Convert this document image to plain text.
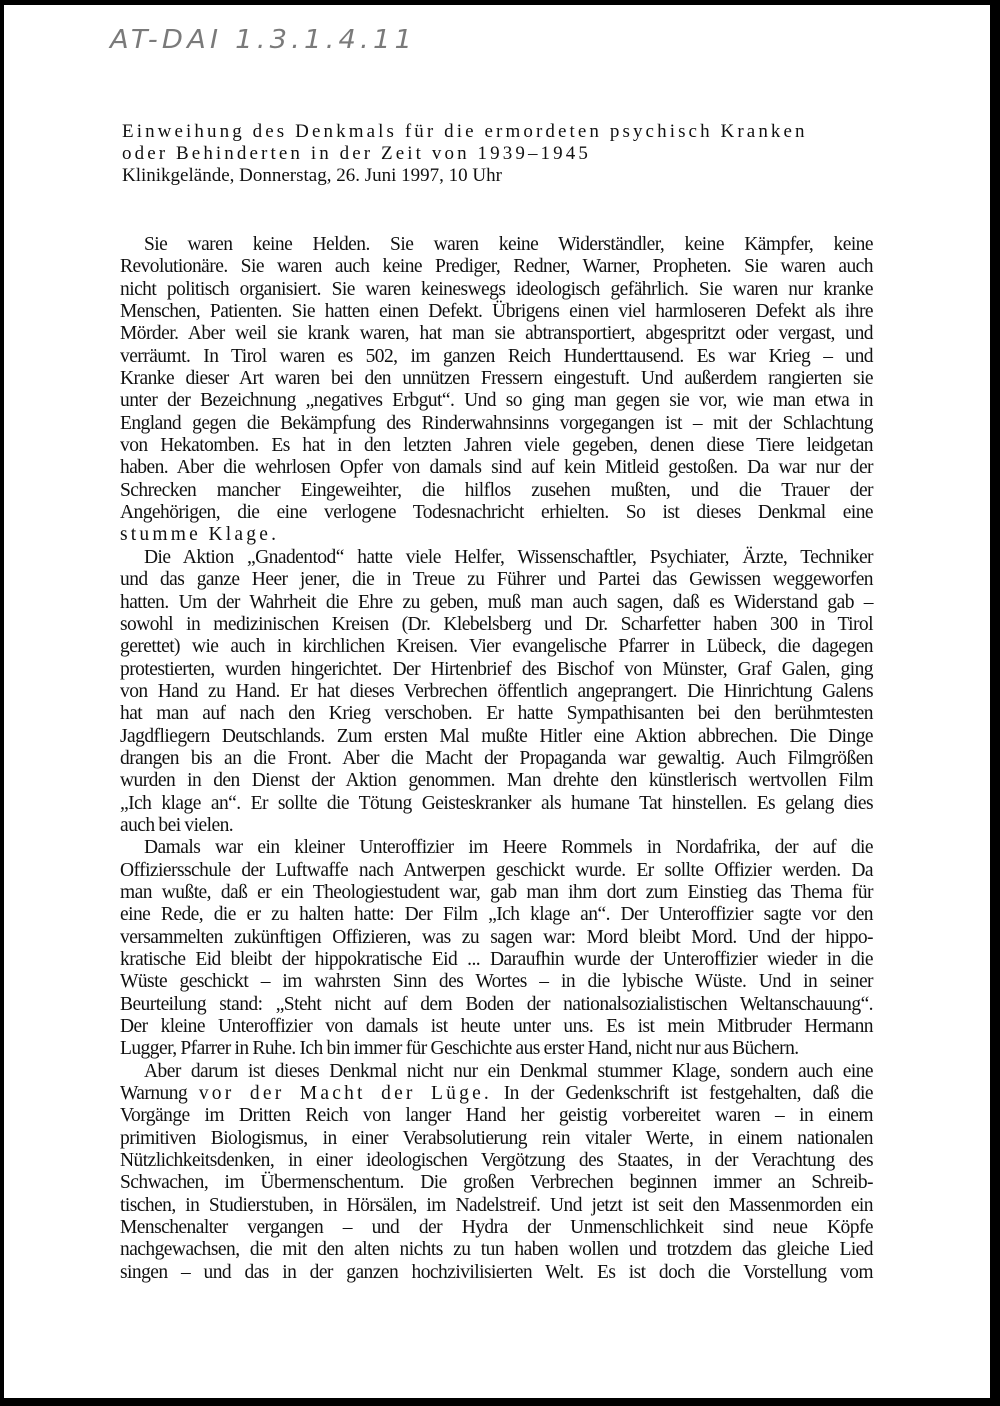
AT-DAI 1.3.1.4.11
Einweihung des Denkmals für die ermordeten psychisch Kranken
oder Behinderten in der Zeit von 1939–1945
Klinikgelände, Donnerstag, 26. Juni 1997, 10 Uhr
Sie waren keine Helden. Sie waren keine Widerständler, keine Kämpfer, keine
Revolutionäre. Sie waren auch keine Prediger, Redner, Warner, Propheten. Sie waren auch
nicht politisch organisiert. Sie waren keineswegs ideologisch gefährlich. Sie waren nur kranke
Menschen, Patienten. Sie hatten einen Defekt. Übrigens einen viel harmloseren Defekt als ihre
Mörder. Aber weil sie krank waren, hat man sie abtransportiert, abgespritzt oder vergast, und
verräumt. In Tirol waren es 502, im ganzen Reich Hunderttausend. Es war Krieg – und
Kranke dieser Art waren bei den unnützen Fressern eingestuft. Und außerdem rangierten sie
unter der Bezeichnung „negatives Erbgut“. Und so ging man gegen sie vor, wie man etwa in
England gegen die Bekämpfung des Rinderwahnsinns vorgegangen ist – mit der Schlachtung
von Hekatomben. Es hat in den letzten Jahren viele gegeben, denen diese Tiere leidgetan
haben. Aber die wehrlosen Opfer von damals sind auf kein Mitleid gestoßen. Da war nur der
Schrecken mancher Eingeweihter, die hilflos zusehen mußten, und die Trauer der
Angehörigen, die eine verlogene Todesnachricht erhielten. So ist dieses Denkmal eine
stumme Klage.
Die Aktion „Gnadentod“ hatte viele Helfer, Wissenschaftler, Psychiater, Ärzte, Techniker
und das ganze Heer jener, die in Treue zu Führer und Partei das Gewissen weggeworfen
hatten. Um der Wahrheit die Ehre zu geben, muß man auch sagen, daß es Widerstand gab –
sowohl in medizinischen Kreisen (Dr. Klebelsberg und Dr. Scharfetter haben 300 in Tirol
gerettet) wie auch in kirchlichen Kreisen. Vier evangelische Pfarrer in Lübeck, die dagegen
protestierten, wurden hingerichtet. Der Hirtenbrief des Bischof von Münster, Graf Galen, ging
von Hand zu Hand. Er hat dieses Verbrechen öffentlich angeprangert. Die Hinrichtung Galens
hat man auf nach den Krieg verschoben. Er hatte Sympathisanten bei den berühmtesten
Jagdfliegern Deutschlands. Zum ersten Mal mußte Hitler eine Aktion abbrechen. Die Dinge
drangen bis an die Front. Aber die Macht der Propaganda war gewaltig. Auch Filmgrößen
wurden in den Dienst der Aktion genommen. Man drehte den künstlerisch wertvollen Film
„Ich klage an“. Er sollte die Tötung Geisteskranker als humane Tat hinstellen. Es gelang dies
auch bei vielen.
Damals war ein kleiner Unteroffizier im Heere Rommels in Nordafrika, der auf die
Offiziersschule der Luftwaffe nach Antwerpen geschickt wurde. Er sollte Offizier werden. Da
man wußte, daß er ein Theologiestudent war, gab man ihm dort zum Einstieg das Thema für
eine Rede, die er zu halten hatte: Der Film „Ich klage an“. Der Unteroffizier sagte vor den
versammelten zukünftigen Offizieren, was zu sagen war: Mord bleibt Mord. Und der hippo-
kratische Eid bleibt der hippokratische Eid ... Daraufhin wurde der Unteroffizier wieder in die
Wüste geschickt – im wahrsten Sinn des Wortes – in die lybische Wüste. Und in seiner
Beurteilung stand: „Steht nicht auf dem Boden der nationalsozialistischen Weltanschauung“.
Der kleine Unteroffizier von damals ist heute unter uns. Es ist mein Mitbruder Hermann
Lugger, Pfarrer in Ruhe. Ich bin immer für Geschichte aus erster Hand, nicht nur aus Büchern.
Aber darum ist dieses Denkmal nicht nur ein Denkmal stummer Klage, sondern auch eine
Warnung vor der Macht der Lüge. In der Gedenkschrift ist festgehalten, daß die
Vorgänge im Dritten Reich von langer Hand her geistig vorbereitet waren – in einem
primitiven Biologismus, in einer Verabsolutierung rein vitaler Werte, in einem nationalen
Nützlichkeitsdenken, in einer ideologischen Vergötzung des Staates, in der Verachtung des
Schwachen, im Übermenschentum. Die großen Verbrechen beginnen immer an Schreib-
tischen, in Studierstuben, in Hörsälen, im Nadelstreif. Und jetzt ist seit den Massenmorden ein
Menschenalter vergangen – und der Hydra der Unmenschlichkeit sind neue Köpfe
nachgewachsen, die mit den alten nichts zu tun haben wollen und trotzdem das gleiche Lied
singen – und das in der ganzen hochzivilisierten Welt. Es ist doch die Vorstellung vom
